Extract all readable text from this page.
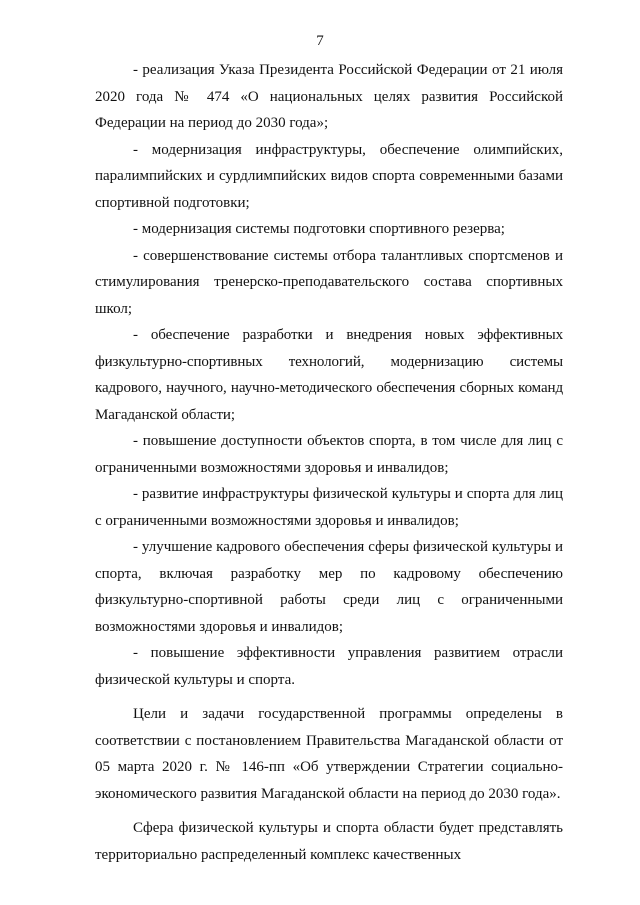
7

- реализация Указа Президента Российской Федерации от 21 июля 2020 года № 474 «О национальных целях развития Российской Федерации на период до 2030 года»;

- модернизация инфраструктуры, обеспечение олимпийских, паралимпийских и сурдлимпийских видов спорта современными базами спортивной подготовки;

- модернизация системы подготовки спортивного резерва;

- совершенствование системы отбора талантливых спортсменов и стимулирования тренерско-преподавательского состава спортивных школ;

- обеспечение разработки и внедрения новых эффективных физкультурно-спортивных технологий, модернизацию системы кадрового, научного, научно-методического обеспечения сборных команд Магаданской области;

- повышение доступности объектов спорта, в том числе для лиц с ограниченными возможностями здоровья и инвалидов;

- развитие инфраструктуры физической культуры и спорта для лиц с ограниченными возможностями здоровья и инвалидов;

- улучшение кадрового обеспечения сферы физической культуры и спорта, включая разработку мер по кадровому обеспечению физкультурно-спортивной работы среди лиц с ограниченными возможностями здоровья и инвалидов;

- повышение эффективности управления развитием отрасли физической культуры и спорта.

Цели и задачи государственной программы определены в соответствии с постановлением Правительства Магаданской области от 05 марта 2020 г. № 146-пп «Об утверждении Стратегии социально-экономического развития Магаданской области на период до 2030 года».

Сфера физической культуры и спорта области будет представлять территориально распределенный комплекс качественных
